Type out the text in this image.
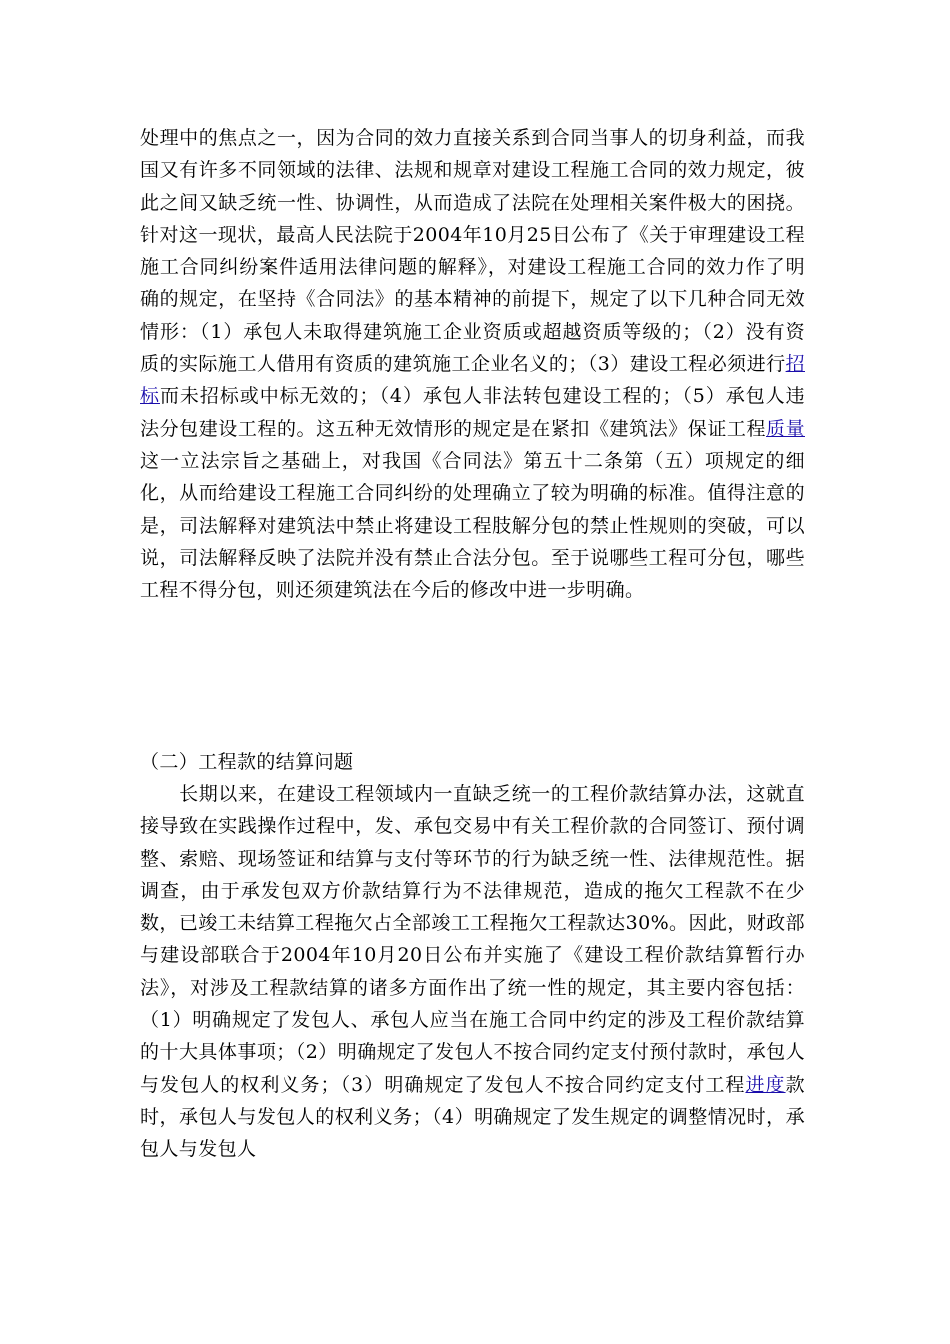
处理中的焦点之一，因为合同的效力直接关系到合同当事人的切身利益，而我国又有许多不同领域的法律、法规和规章对建设工程施工合同的效力规定，彼此之间又缺乏统一性、协调性，从而造成了法院在处理相关案件极大的困挠。针对这一现状，最高人民法院于2004年10月25日公布了《关于审理建设工程施工合同纠纷案件适用法律问题的解释》，对建设工程施工合同的效力作了明确的规定，在坚持《合同法》的基本精神的前提下，规定了以下几种合同无效情形：（1）承包人未取得建筑施工企业资质或超越资质等级的；（2）没有资质的实际施工人借用有资质的建筑施工企业名义的；（3）建设工程必须进行招标而未招标或中标无效的；（4）承包人非法转包建设工程的；（5）承包人违法分包建设工程的。这五种无效情形的规定是在紧扣《建筑法》保证工程质量这一立法宗旨之基础上，对我国《合同法》第五十二条第（五）项规定的细化，从而给建设工程施工合同纠纷的处理确立了较为明确的标准。值得注意的是，司法解释对建筑法中禁止将建设工程肢解分包的禁止性规则的突破，可以说，司法解释反映了法院并没有禁止合法分包。至于说哪些工程可分包，哪些工程不得分包，则还须建筑法在今后的修改中进一步明确。

（二）工程款的结算问题

　　长期以来，在建设工程领域内一直缺乏统一的工程价款结算办法，这就直接导致在实践操作过程中，发、承包交易中有关工程价款的合同签订、预付调整、索赔、现场签证和结算与支付等环节的行为缺乏统一性、法律规范性。据调查，由于承发包双方价款结算行为不法律规范，造成的拖欠工程款不在少数，已竣工未结算工程拖欠占全部竣工工程拖欠工程款达30%。因此，财政部与建设部联合于2004年10月20日公布并实施了《建设工程价款结算暂行办法》，对涉及工程款结算的诸多方面作出了统一性的规定，其主要内容包括：（1）明确规定了发包人、承包人应当在施工合同中约定的涉及工程价款结算的十大具体事项；（2）明确规定了发包人不按合同约定支付预付款时，承包人与发包人的权利义务；（3）明确规定了发包人不按合同约定支付工程进度款时，承包人与发包人的权利义务；（4）明确规定了发生规定的调整情况时，承包人与发包人
